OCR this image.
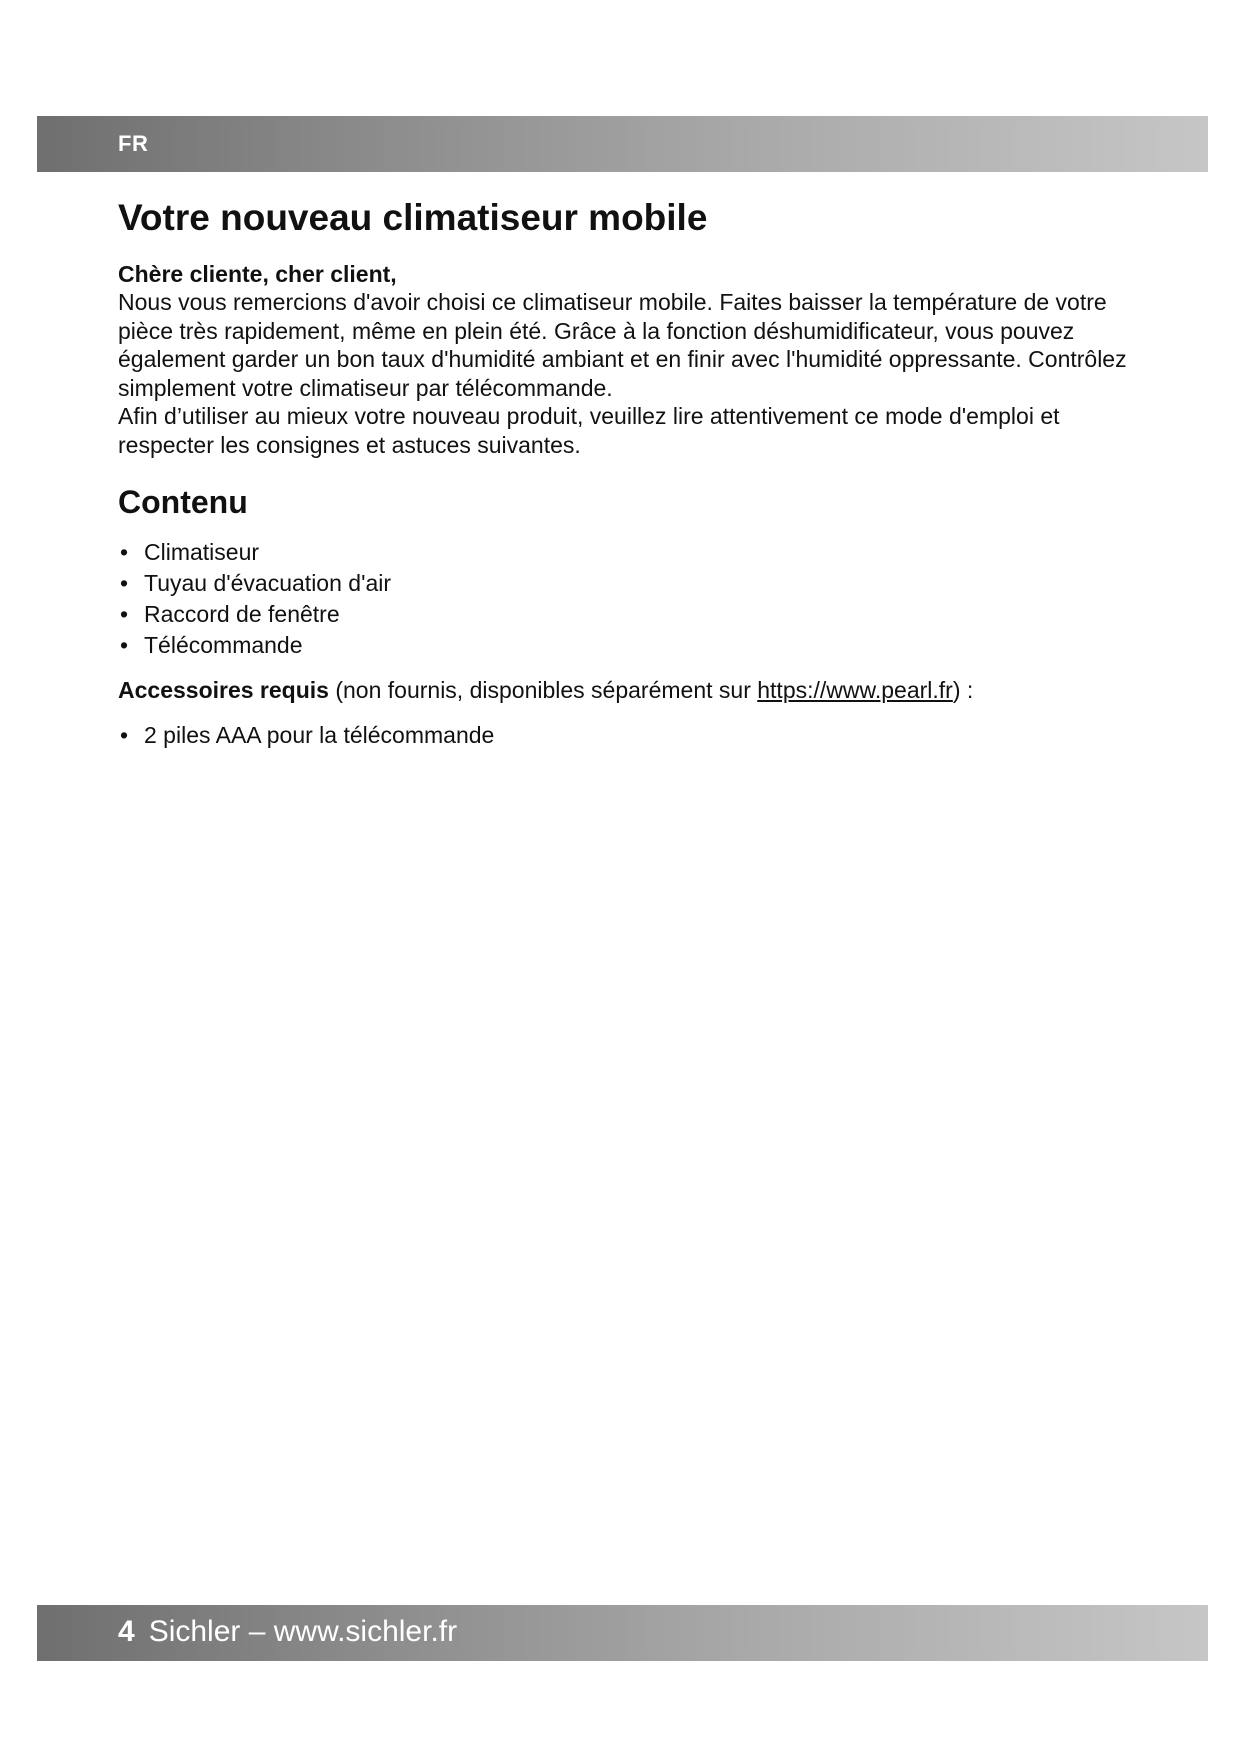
FR
Votre nouveau climatiseur mobile
Chère cliente, cher client,

Nous vous remercions d'avoir choisi ce climatiseur mobile. Faites baisser la température de votre pièce très rapidement, même en plein été. Grâce à la fonction déshumidificateur, vous pouvez également garder un bon taux d'humidité ambiant et en finir avec l'humidité oppressante. Contrôlez simplement votre climatiseur par télécommande.

Afin d’utiliser au mieux votre nouveau produit, veuillez lire attentivement ce mode d'emploi et respecter les consignes et astuces suivantes.

Contenu
• Climatiseur
• Tuyau d'évacuation d'air
• Raccord de fenêtre
• Télécommande
Accessoires requis (non fournis, disponibles séparément sur https://www.pearl.fr) :
• 2 piles AAA pour la télécommande
4 Sichler – www.sichler.fr
